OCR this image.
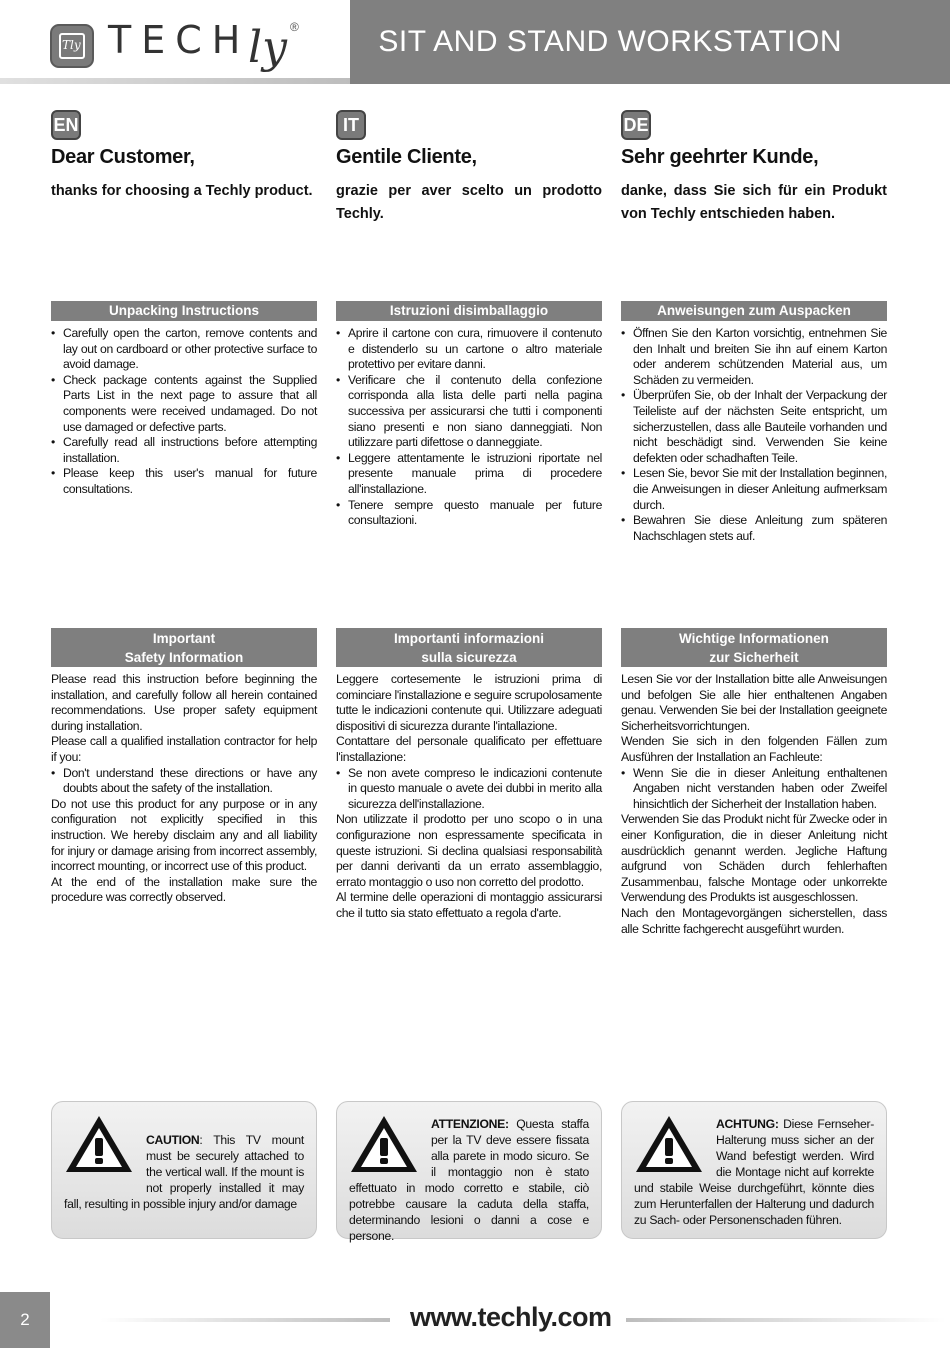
Tly TECH
ly ®	SIT AND STAND WORKSTATION
EN
Dear Customer,
thanks for choosing a Techly product.
Unpacking Instructions
• Carefully open the carton, remove contents and lay out on cardboard or other protective surface to avoid damage.
• Check package contents against the Supplied Parts List in the next page to assure that all components were received undamaged. Do not use damaged or defective parts.
• Carefully read all instructions before attempting installation.
• Please keep this user's manual for future consultations.
Important
Safety Information

Please read this instruction before beginning the installation, and carefully follow all herein contained recommendations. Use proper safety equipment during installation.

Please call a qualified installation contractor for help if you:

• Don't understand these directions or have any doubts about the safety of the installation.

Do not use this product for any purpose or in any configuration not explicitly specified in this instruction. We hereby disclaim any and all liability for injury or damage arising from incorrect assembly, incorrect mounting, or incorrect use of this product.

At the end of the installation make sure the procedure was correctly observed.

IT
Gentile Cliente,
grazie per aver scelto un prodotto Techly.
Istruzioni disimballaggio
• Aprire il cartone con cura, rimuovere il contenuto e distenderlo su un cartone o altro materiale protettivo per evitare danni.
• Verificare che il contenuto della confezione corrisponda alla lista delle parti nella pagina successiva per assicurarsi che tutti i componenti siano presenti e non siano danneggiati. Non utilizzare parti difettose o danneggiate.
• Leggere attentamente le istruzioni riportate nel presente manuale prima di procedere all'installazione.
• Tenere sempre questo manuale per future consultazioni.
Importanti informazioni
sulla sicurezza

Leggere cortesemente le istruzioni prima di cominciare l'installazione e seguire scrupolosamente tutte le indicazioni contenute qui. Utilizzare adeguati dispositivi di sicurezza durante l'intallazione.

Contattare del personale qualificato per effettuare l'installazione:

• Se non avete compreso le indicazioni contenute in questo manuale o avete dei dubbi in merito alla sicurezza dell'installazione.

Non utilizzate il prodotto per uno scopo o in una configurazione non espressamente specificata in queste istruzioni. Si declina qualsiasi responsabilità per danni derivanti da un errato assemblaggio, errato montaggio o uso non corretto del prodotto.

Al termine delle operazioni di montaggio assicurarsi che il tutto sia stato effettuato a regola d'arte.

DE
Sehr geehrter Kunde,
danke, dass Sie sich für ein Produkt von Techly entschieden haben.
Anweisungen zum Auspacken
• Öffnen Sie den Karton vorsichtig, entnehmen Sie den Inhalt und breiten Sie ihn auf einem Karton oder anderem schützenden Material aus, um Schäden zu vermeiden.
• Überprüfen Sie, ob der Inhalt der Verpackung der Teileliste auf der nächsten Seite entspricht, um sicherzustellen, dass alle Bauteile vorhanden und nicht beschädigt sind. Verwenden Sie keine defekten oder schadhaften Teile.
• Lesen Sie, bevor Sie mit der Installation beginnen, die Anweisungen in dieser Anleitung aufmerksam durch.
• Bewahren Sie diese Anleitung zum späteren Nachschlagen stets auf.
Wichtige Informationen
zur Sicherheit

Lesen Sie vor der Installation bitte alle Anweisungen und befolgen Sie alle hier enthaltenen Angaben genau. Verwenden Sie bei der Installation geeignete Sicherheitsvorrichtungen.

Wenden Sie sich in den folgenden Fällen zum Ausführen der Installation an Fachleute:

• Wenn Sie die in dieser Anleitung enthaltenen Angaben nicht verstanden haben oder Zweifel hinsichtlich der Sicherheit der Installation haben.

Verwenden Sie das Produkt nicht für Zwecke oder in einer Konfiguration, die in dieser Anleitung nicht ausdrücklich genannt werden. Jegliche Haftung aufgrund von Schäden durch fehlerhaften Zusammenbau, falsche Montage oder unkorrekte Verwendung des Produkts ist ausgeschlossen.

Nach den Montagevorgängen sicherstellen, dass alle Schritte fachgerecht ausgeführt wurden.

CAUTION: This TV mount must be securely attached to the vertical wall. If the mount is not properly installed it may fall, resulting in possible injury and/or damage
ATTENZIONE: Questa staffa per la TV deve essere fissata alla parete in modo sicuro. Se il montaggio non è stato effettuato in modo corretto e stabile, ciò potrebbe causare la caduta della staffa, determinando lesioni o danni a cose e persone.
ACHTUNG: Diese Fernseher-Halterung muss sicher an der Wand befestigt werden. Wird die Montage nicht auf korrekte und stabile Weise durchgeführt, könnte dies zum Herunterfallen der Halterung und dadurch zu Sach- oder Personenschaden führen.
2	www.techly.com
